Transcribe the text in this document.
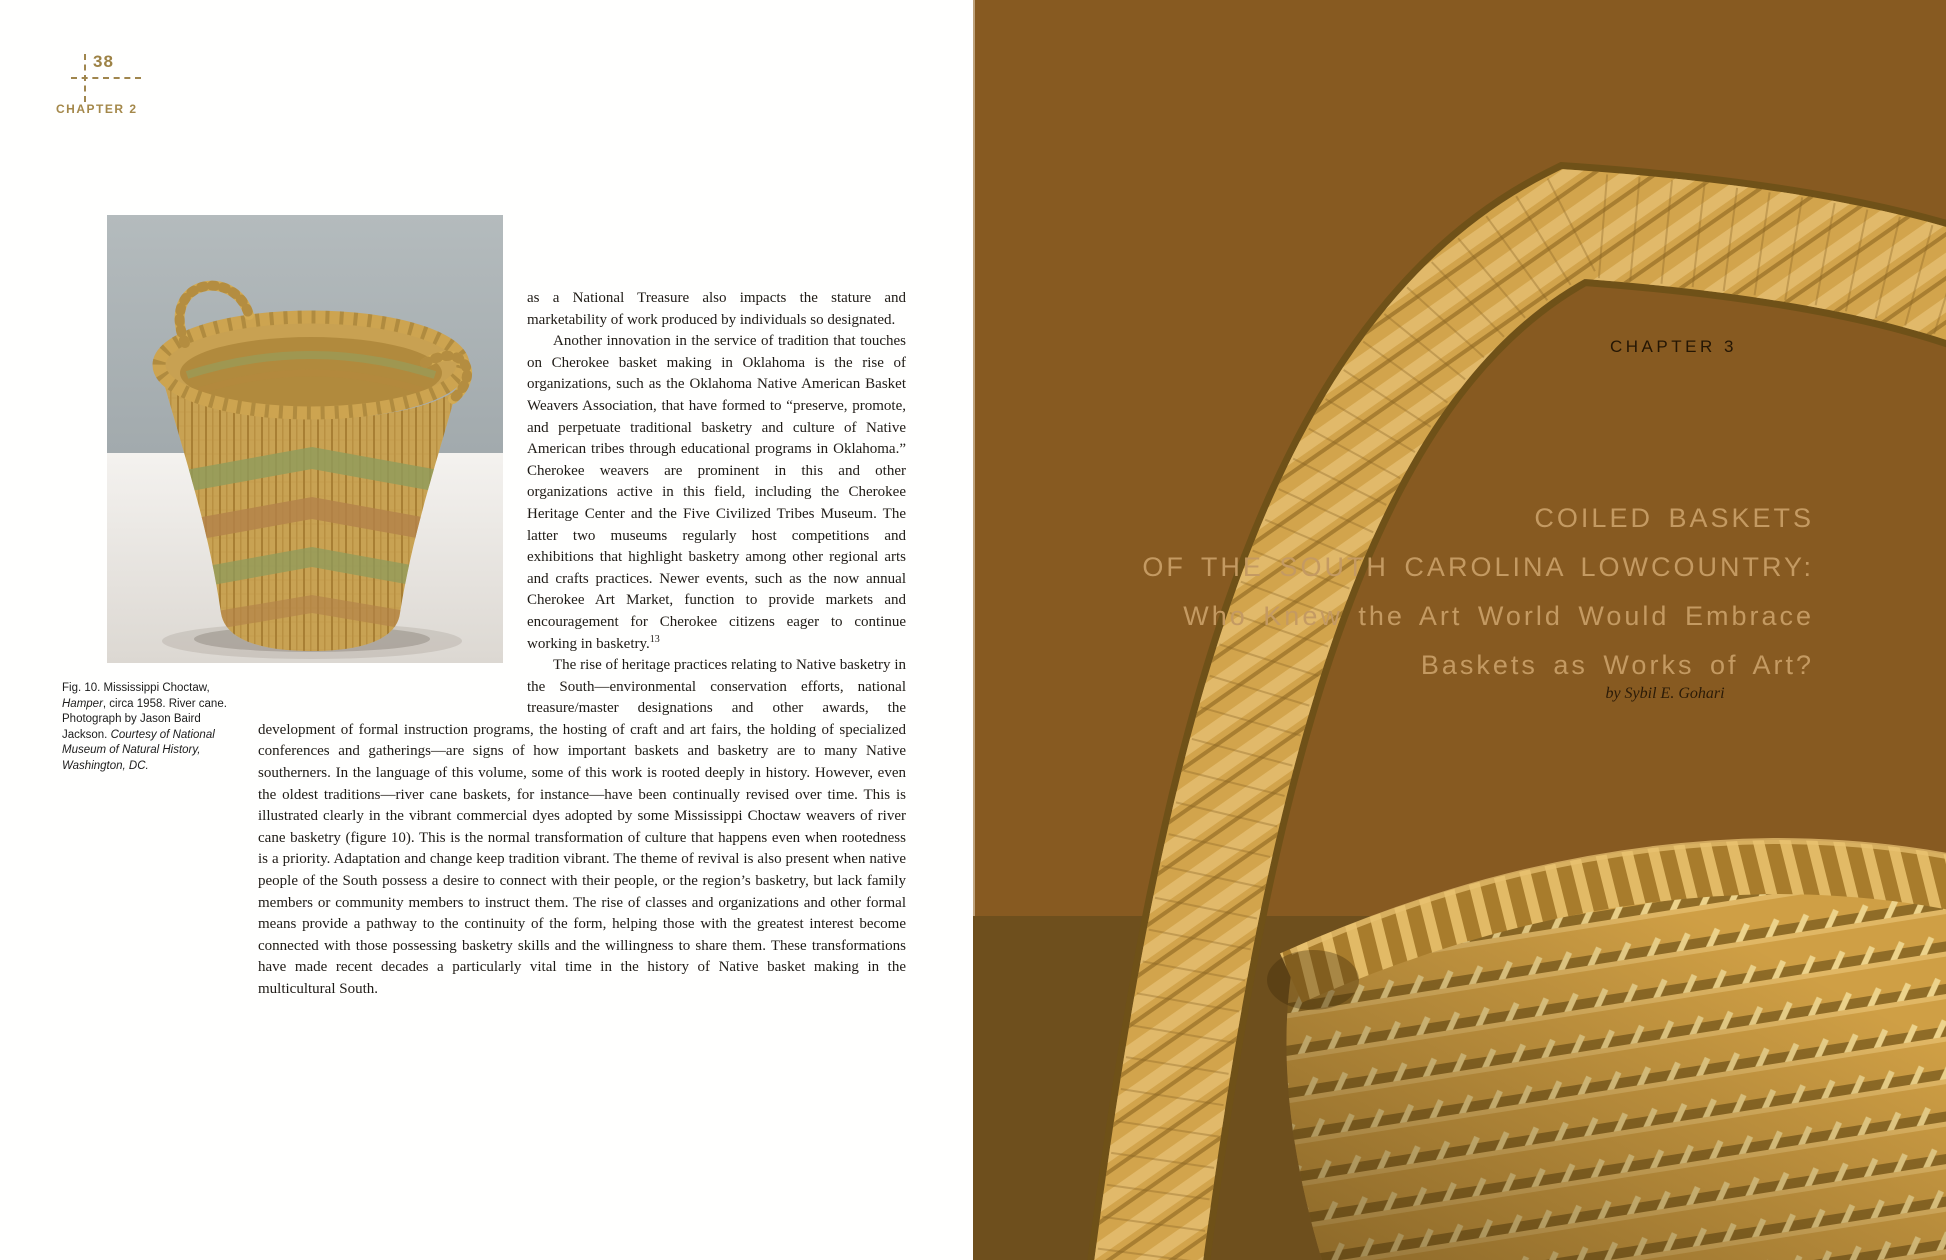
38
CHAPTER 2
Fig. 10. Mississippi Choctaw, Hamper, circa 1958. River cane. Photograph by Jason Baird Jackson. Courtesy of National Museum of Natural History, Washington, DC.

as a National Treasure also impacts the stature and marketability of work produced by individuals so designated.

Another innovation in the service of tradition that touches on Cherokee basket making in Oklahoma is the rise of organizations, such as the Oklahoma Native American Basket Weavers Association, that have formed to “preserve, promote, and perpetuate traditional basketry and culture of Native American tribes through educational programs in Oklahoma.” Cherokee weavers are prominent in this and other organizations active in this field, including the Cherokee Heritage Center and the Five Civilized Tribes Museum. The latter two museums regularly host competitions and exhibitions that highlight basketry among other regional arts and crafts practices. Newer events, such as the now annual Cherokee Art Market, function to provide markets and encouragement for Cherokee citizens eager to continue working in basketry.$^{13}$

The rise of heritage practices relating to Native basketry in the South—environmental conservation efforts, national treasure/master designations and other awards, the development of formal instruction programs, the hosting of craft and art fairs, the holding of specialized conferences and gatherings—are signs of how important baskets and basketry are to many Native southerners. In the language of this volume, some of this work is rooted deeply in history. However, even the oldest traditions—river cane baskets, for instance—have been continually revised over time. This is illustrated clearly in the vibrant commercial dyes adopted by some Mississippi Choctaw weavers of river cane basketry (figure 10). This is the normal transformation of culture that happens even when rootedness is a priority. Adaptation and change keep tradition vibrant. The theme of revival is also present when native people of the South possess a desire to connect with their people, or the region’s basketry, but lack family members or community members to instruct them. The rise of classes and organizations and other formal means provide a pathway to the continuity of the form, helping those with the greatest interest become connected with those possessing basketry skills and the willingness to share them. These transformations have made recent decades a particularly vital time in the history of Native basket making in the multicultural South.

CHAPTER 3
COILED BASKETS
OF THE SOUTH CAROLINA LOWCOUNTRY:
Who Knew the Art World Would Embrace
Baskets as Works of Art?
by Sybil E. Gohari
